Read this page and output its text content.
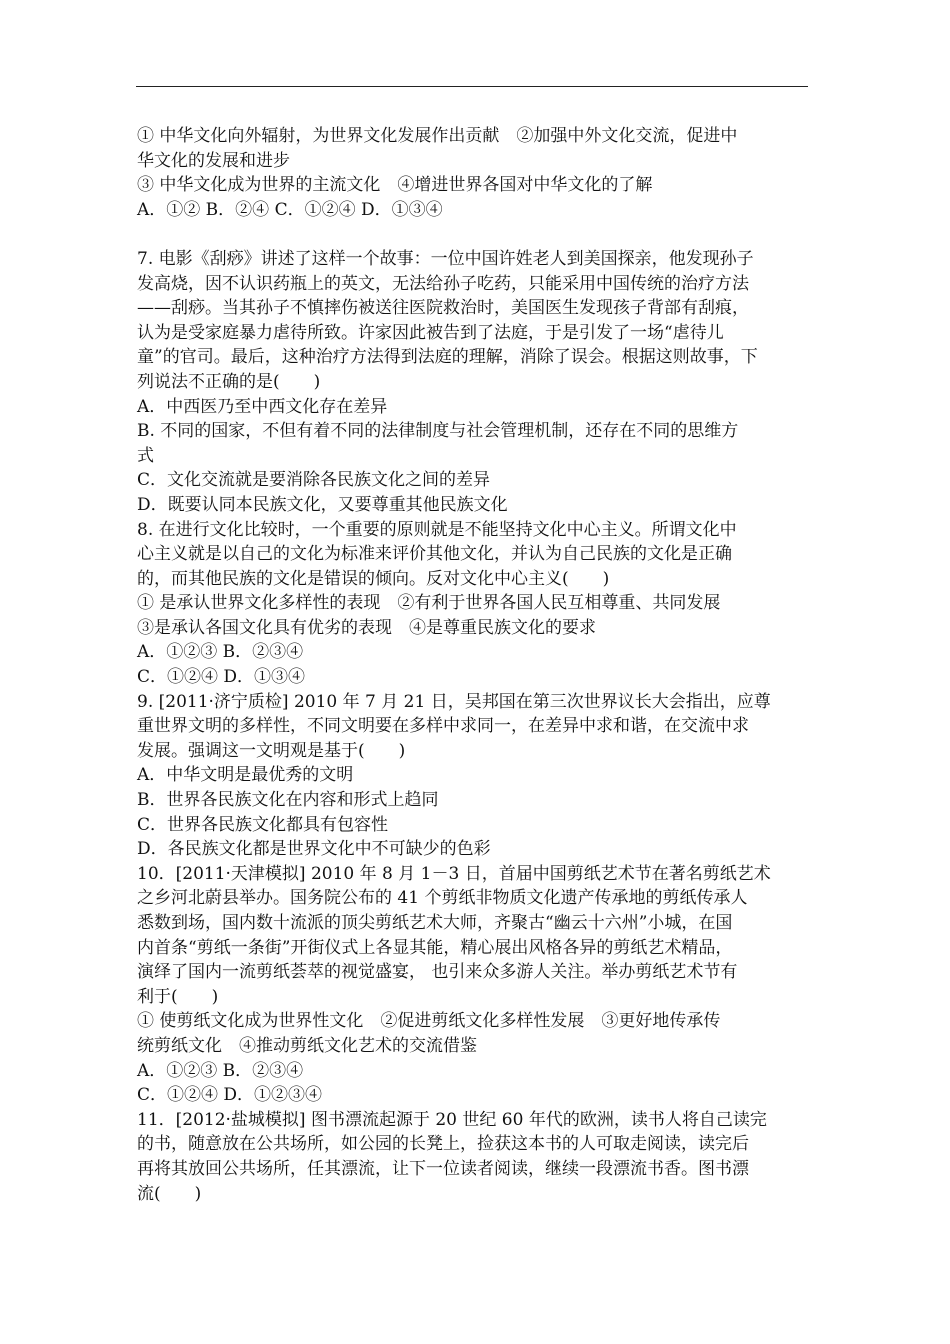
① 中华文化向外辐射，为世界文化发展作出贡献　②加强中外文化交流，促进中
华文化的发展和进步
③ 中华文化成为世界的主流文化　④增进世界各国对中华文化的了解
A．①② B．②④ C．①②④ D．①③④
7. 电影《刮痧》讲述了这样一个故事：一位中国许姓老人到美国探亲，他发现孙子
发高烧，因不认识药瓶上的英文，无法给孙子吃药，只能采用中国传统的治疗方法
——刮痧。当其孙子不慎摔伤被送往医院救治时，美国医生发现孩子背部有刮痕，
认为是受家庭暴力虐待所致。许家因此被告到了法庭，于是引发了一场“虐待儿
童”的官司。最后，这种治疗方法得到法庭的理解，消除了误会。根据这则故事，下
列说法不正确的是(　　)
A．中西医乃至中西文化存在差异
B. 不同的国家，不但有着不同的法律制度与社会管理机制，还存在不同的思维方
式
C．文化交流就是要消除各民族文化之间的差异
D．既要认同本民族文化，又要尊重其他民族文化
8. 在进行文化比较时，一个重要的原则就是不能坚持文化中心主义。所谓文化中
心主义就是以自己的文化为标准来评价其他文化，并认为自己民族的文化是正确
的，而其他民族的文化是错误的倾向。反对文化中心主义(　　)
① 是承认世界文化多样性的表现　②有利于世界各国人民互相尊重、共同发展
③是承认各国文化具有优劣的表现　④是尊重民族文化的要求
A．①②③ B．②③④
C．①②④ D．①③④
9. [2011·济宁质检] 2010 年 7 月 21 日，吴邦国在第三次世界议长大会指出，应尊
重世界文明的多样性，不同文明要在多样中求同一，在差异中求和谐，在交流中求
发展。强调这一文明观是基于(　　)
A．中华文明是最优秀的文明
B．世界各民族文化在内容和形式上趋同
C．世界各民族文化都具有包容性
D．各民族文化都是世界文化中不可缺少的色彩
10．[2011·天津模拟] 2010 年 8 月 1－3 日，首届中国剪纸艺术节在著名剪纸艺术
之乡河北蔚县举办。国务院公布的 41 个剪纸非物质文化遗产传承地的剪纸传承人
悉数到场，国内数十流派的顶尖剪纸艺术大师，齐聚古“幽云十六州”小城，在国
内首条“剪纸一条街”开街仪式上各显其能，精心展出风格各异的剪纸艺术精品，
演绎了国内一流剪纸荟萃的视觉盛宴， 也引来众多游人关注。举办剪纸艺术节有
利于(　　)
① 使剪纸文化成为世界性文化　②促进剪纸文化多样性发展　③更好地传承传
统剪纸文化　④推动剪纸文化艺术的交流借鉴
A．①②③ B．②③④
C．①②④ D．①②③④
11．[2012·盐城模拟] 图书漂流起源于 20 世纪 60 年代的欧洲，读书人将自己读完
的书，随意放在公共场所，如公园的长凳上，捡获这本书的人可取走阅读，读完后
再将其放回公共场所，任其漂流，让下一位读者阅读，继续一段漂流书香。图书漂
流(　　)
